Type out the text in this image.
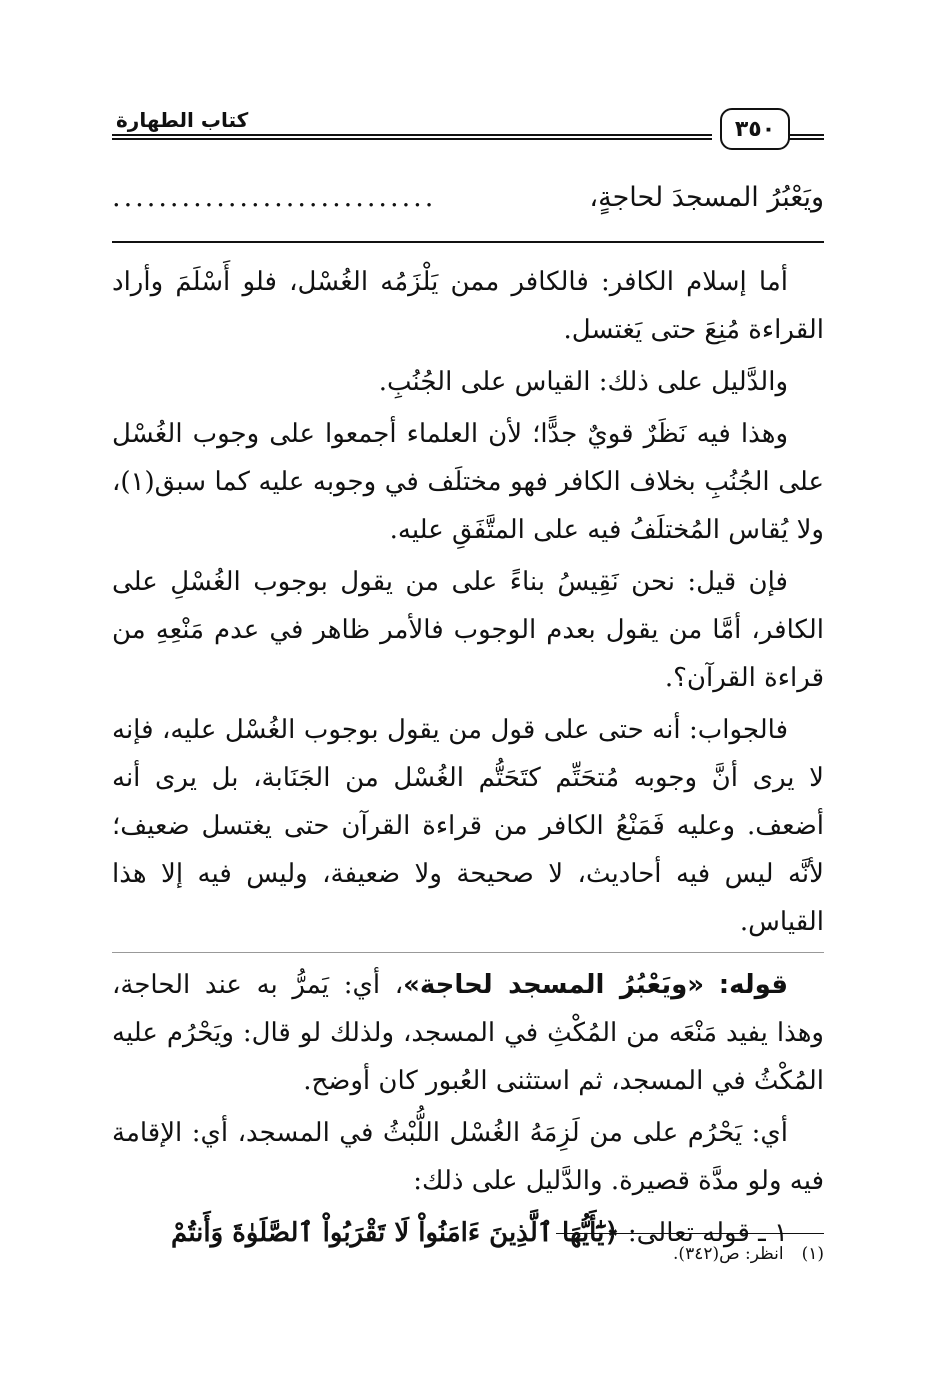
كتاب الطهارة	٣٥٠
ويَعْبُرُ المسجدَ لحاجةٍ،
............................

أما إسلام الكافر: فالكافر ممن يَلْزَمُه الغُسْل، فلو أَسْلَمَ وأراد القراءة مُنِعَ حتى يَغتسل.

والدَّليل على ذلك: القياس على الجُنُبِ.

وهذا فيه نَظَرٌ قويٌ جدًّا؛ لأن العلماء أجمعوا على وجوب الغُسْل على الجُنُبِ بخلاف الكافر فهو مختلَف في وجوبه عليه كما سبق(١)، ولا يُقاس المُختلَفُ فيه على المتَّفَقِ عليه.

فإن قيل: نحن نَقِيسُ بناءً على من يقول بوجوب الغُسْلِ على الكافر، أمَّا من يقول بعدم الوجوب فالأمر ظاهر في عدم مَنْعِهِ من قراءة القرآن؟.

فالجواب: أنه حتى على قول من يقول بوجوب الغُسْل عليه، فإنه لا يرى أنَّ وجوبه مُتحَتِّم كتَحَتُّم الغُسْل من الجَنَابة، بل يرى أنه أضعف. وعليه فَمَنْعُ الكافر من قراءة القرآن حتى يغتسل ضعيف؛ لأنَّه ليس فيه أحاديث، لا صحيحة ولا ضعيفة، وليس فيه إلا هذا القياس.

قوله: «ويَعْبُرُ المسجد لحاجة»، أي: يَمرُّ به عند الحاجة، وهذا يفيد مَنْعَه من المُكْثِ في المسجد، ولذلك لو قال: ويَحْرُم عليه المُكْثُ في المسجد، ثم استثنى العُبور كان أوضح.

أي: يَحْرُم على من لَزِمَهُ الغُسْل اللُّبْثُ في المسجد، أي: الإقامة فيه ولو مدَّة قصيرة. والدَّليل على ذلك:

١ ـ قوله تعالى: ﴿يَٰٓأَيُّهَا ٱلَّذِينَ ءَامَنُواْ لَا تَقْرَبُواْ ٱلصَّلَوٰةَ وَأَنتُمْ

(١)
انظر: ص(٣٤٢).
